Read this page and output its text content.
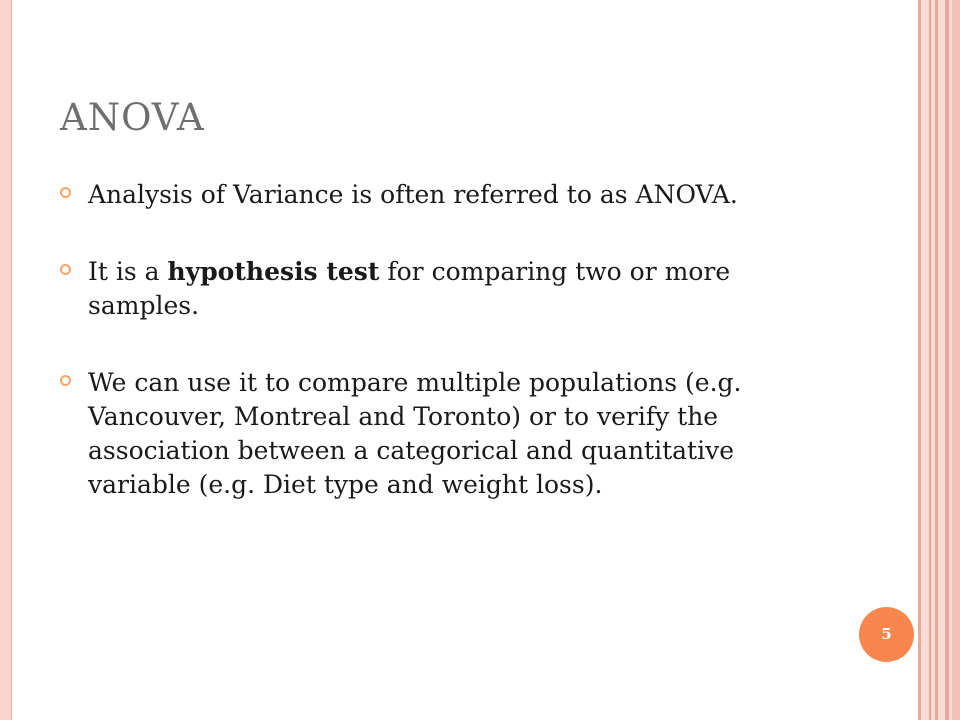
ANOVA
Analysis of Variance is often referred to as ANOVA.
It is a hypothesis test for comparing two or more samples.
We can use it to compare multiple populations (e.g. Vancouver, Montreal and Toronto) or to verify the association between a categorical and quantitative variable (e.g. Diet type and weight loss).
5
